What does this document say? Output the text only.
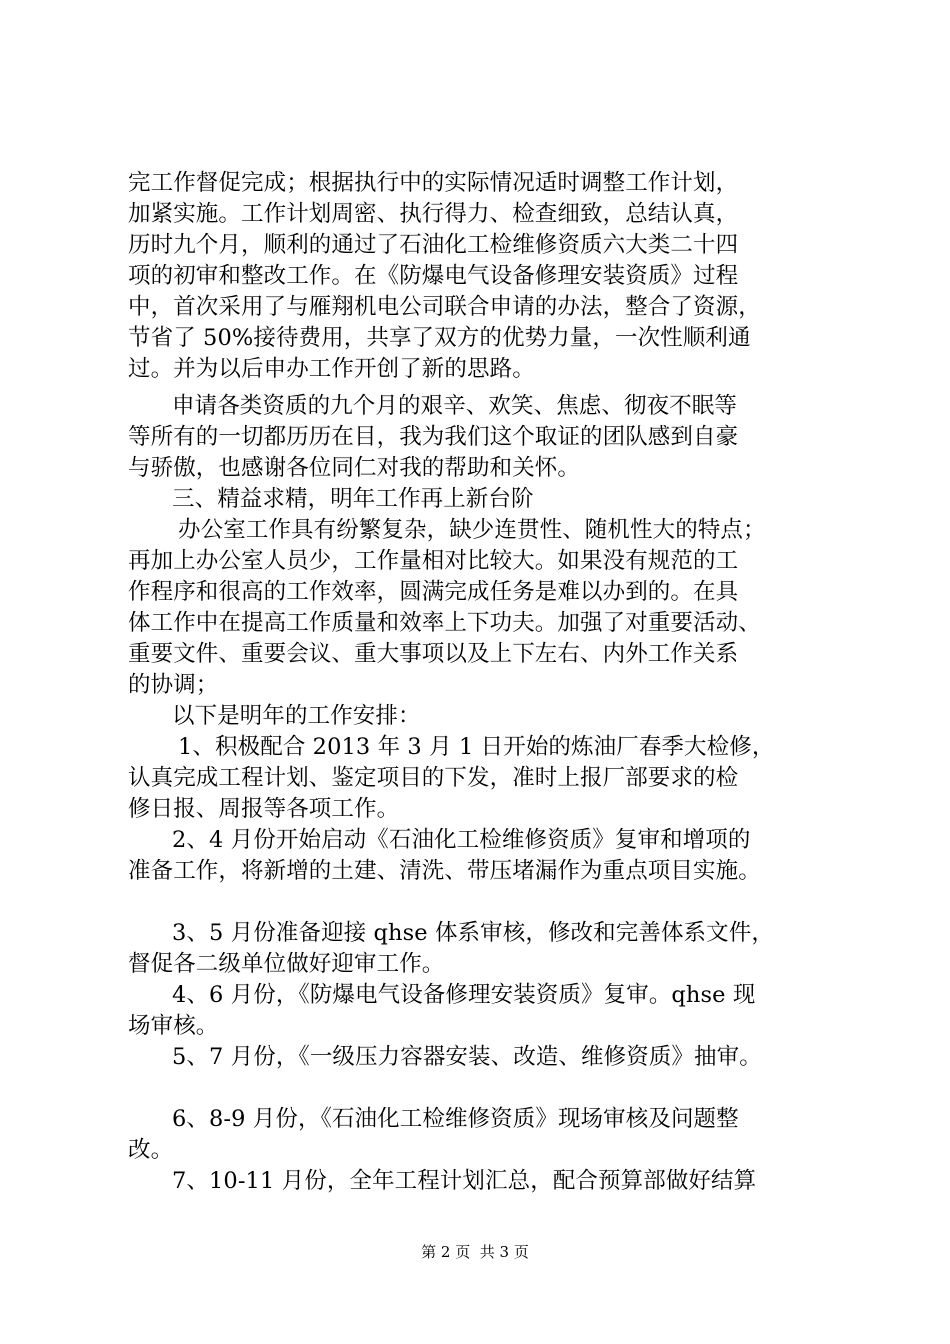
完工作督促完成；根据执行中的实际情况适时调整工作计划，
加紧实施。工作计划周密、执行得力、检查细致，总结认真，
历时九个月，顺利的通过了石油化工检维修资质六大类二十四
项的初审和整改工作。在《防爆电气设备修理安装资质》过程
中，首次采用了与雁翔机电公司联合申请的办法，整合了资源，
节省了 50%接待费用，共享了双方的优势力量，一次性顺利通
过。并为以后申办工作开创了新的思路。
申请各类资质的九个月的艰辛、欢笑、焦虑、彻夜不眠等
等所有的一切都历历在目，我为我们这个取证的团队感到自豪
与骄傲，也感谢各位同仁对我的帮助和关怀。
三、精益求精，明年工作再上新台阶
办公室工作具有纷繁复杂，缺少连贯性、随机性大的特点；
再加上办公室人员少，工作量相对比较大。如果没有规范的工
作程序和很高的工作效率，圆满完成任务是难以办到的。在具
体工作中在提高工作质量和效率上下功夫。加强了对重要活动、
重要文件、重要会议、重大事项以及上下左右、内外工作关系
的协调；
以下是明年的工作安排：
1、积极配合 2013 年 3 月 1 日开始的炼油厂春季大检修，
认真完成工程计划、鉴定项目的下发，准时上报厂部要求的检
修日报、周报等各项工作。
2、4 月份开始启动《石油化工检维修资质》复审和增项的
准备工作，将新增的土建、清洗、带压堵漏作为重点项目实施。
3、5 月份准备迎接 qhse 体系审核，修改和完善体系文件，
督促各二级单位做好迎审工作。
4、6 月份，《防爆电气设备修理安装资质》复审。qhse 现
场审核。
5、7 月份，《一级压力容器安装、改造、维修资质》抽审。
6、8-9 月份，《石油化工检维修资质》现场审核及问题整
改。
7、10-11 月份，全年工程计划汇总，配合预算部做好结算
第 2 页  共 3 页
